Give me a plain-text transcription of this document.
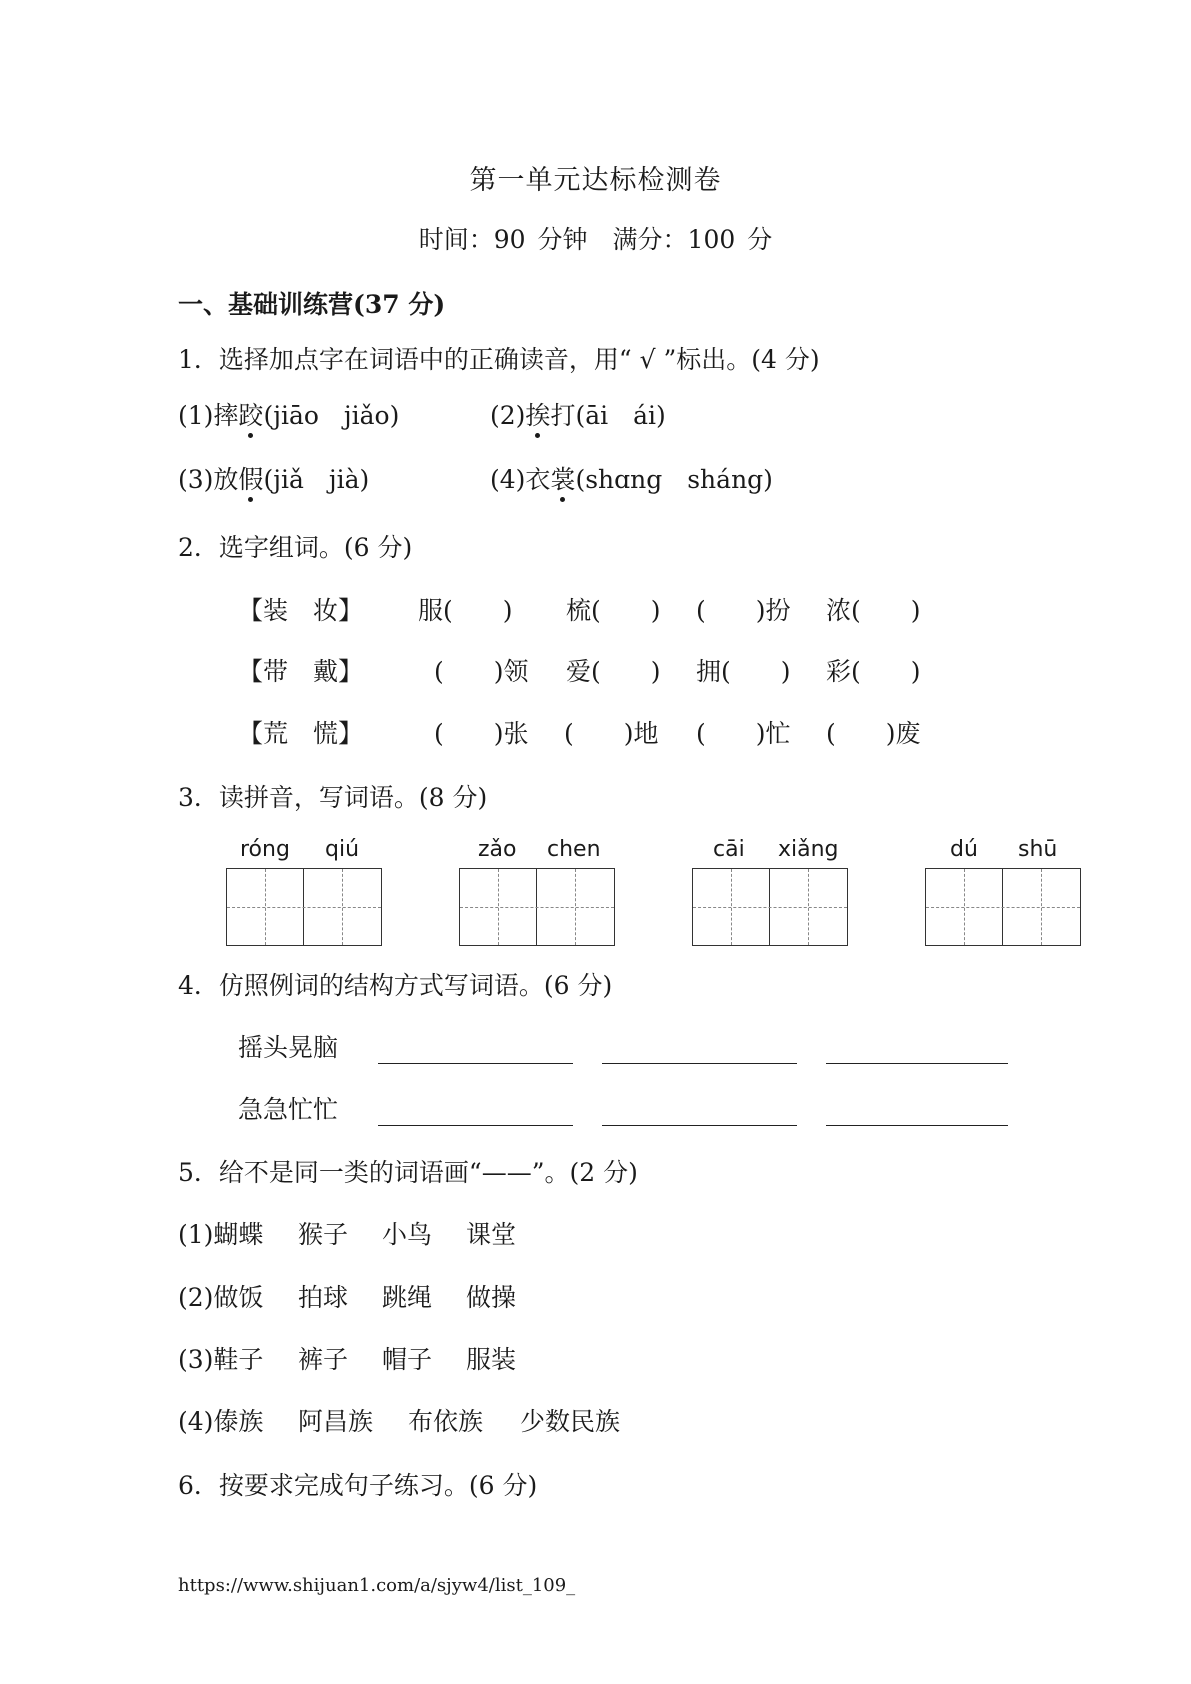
第一单元达标检测卷
时间：90 分钟　满分：100 分
一、基础训练营(37 分)
1．选择加点字在词语中的正确读音，用“ √ ”标出。(4 分)
(1)摔跤(jiāo　jiǎo)	(2)挨打(āi　ái)
(3)放假(jiǎ　jià)	(4)衣裳(shɑng　sháng)
2．选字组词。(6 分)
【装　妆】 服(　　) 梳(　　) (　　)扮 浓(　　)
【带　戴】	(　　)领 爱(　　) 拥(　　) 彩(　　)
【荒　慌】	(　　)张 (　　)地 (　　)忙 (　　)废
3．读拼音，写词语。(8 分)
róng qiú	zǎo chen	cāi xiǎng	dú shū
4．仿照例词的结构方式写词语。(6 分)
摇头晃脑
急急忙忙
5．给不是同一类的词语画“——”。(2 分)
(1)蝴蝶 猴子 小鸟 课堂
(2)做饭 拍球 跳绳 做操
(3)鞋子 裤子 帽子 服装
(4)傣族 阿昌族 布依族 少数民族
6．按要求完成句子练习。(6 分)
https://www.shijuan1.com/a/sjyw4/list_109_
